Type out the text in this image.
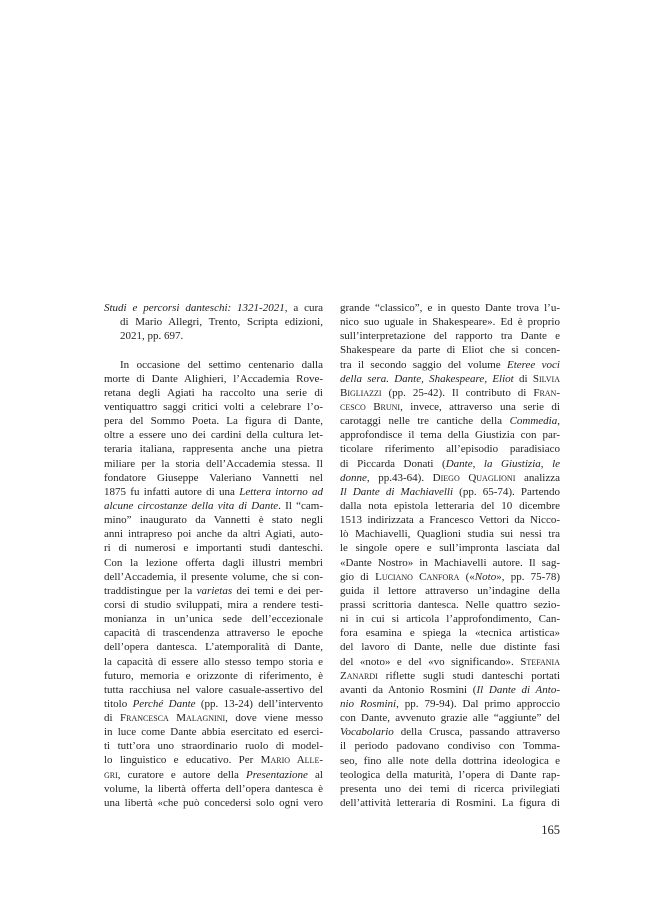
Studi e percorsi danteschi: 1321-2021, a cura
di Mario Allegri, Trento, Scripta edizioni,
2021, pp. 697.
In occasione del settimo centenario dalla
morte di Dante Alighieri, l’Accademia Rove-
retana degli Agiati ha raccolto una serie di
ventiquattro saggi critici volti a celebrare l’o-
pera del Sommo Poeta. La figura di Dante,
oltre a essere uno dei cardini della cultura let-
teraria italiana, rappresenta anche una pietra
miliare per la storia dell’Accademia stessa. Il
fondatore Giuseppe Valeriano Vannetti nel
1875 fu infatti autore di una Lettera intorno ad
alcune circostanze della vita di Dante. Il “cam-
mino” inaugurato da Vannetti è stato negli
anni intrapreso poi anche da altri Agiati, auto-
ri di numerosi e importanti studi danteschi.
Con la lezione offerta dagli illustri membri
dell’Accademia, il presente volume, che si con-
traddistingue per la varietas dei temi e dei per-
corsi di studio sviluppati, mira a rendere testi-
monianza in un’unica sede dell’eccezionale
capacità di trascendenza attraverso le epoche
dell’opera dantesca. L’atemporalità di Dante,
la capacità di essere allo stesso tempo storia e
futuro, memoria e orizzonte di riferimento, è
tutta racchiusa nel valore casuale-assertivo del
titolo Perché Dante (pp. 13-24) dell’intervento
di Francesca Malagnini, dove viene messo
in luce come Dante abbia esercitato ed eserci-
ti tutt’ora uno straordinario ruolo di model-
lo linguistico e educativo. Per Mario Alle-
gri, curatore e autore della Presentazione al
volume, la libertà offerta dell’opera dantesca è
una libertà «che può concedersi solo ogni vero
grande “classico”, e in questo Dante trova l’u-
nico suo uguale in Shakespeare». Ed è proprio
sull’interpretazione del rapporto tra Dante e
Shakespeare da parte di Eliot che si concen-
tra il secondo saggio del volume Eteree voci
della sera. Dante, Shakespeare, Eliot di Silvia
Bigliazzi (pp. 25-42). Il contributo di Fran-
cesco Bruni, invece, attraverso una serie di
carotaggi nelle tre cantiche della Commedia,
approfondisce il tema della Giustizia con par-
ticolare riferimento all’episodio paradisiaco
di Piccarda Donati (Dante, la Giustizia, le
donne, pp.43-64). Diego Quaglioni analizza
Il Dante di Machiavelli (pp. 65-74). Partendo
dalla nota epistola letteraria del 10 dicembre
1513 indirizzata a Francesco Vettori da Nicco-
lò Machiavelli, Quaglioni studia sui nessi tra
le singole opere e sull’impronta lasciata dal
«Dante Nostro» in Machiavelli autore. Il sag-
gio di Luciano Canfora («Noto», pp. 75-78)
guida il lettore attraverso un’indagine della
prassi scrittoria dantesca. Nelle quattro sezio-
ni in cui si articola l’approfondimento, Can-
fora esamina e spiega la «tecnica artistica»
del lavoro di Dante, nelle due distinte fasi
del «noto» e del «vo significando». Stefania
Zanardi riflette sugli studi danteschi portati
avanti da Antonio Rosmini (Il Dante di Anto-
nio Rosmini, pp. 79-94). Dal primo approccio
con Dante, avvenuto grazie alle “aggiunte” del
Vocabolario della Crusca, passando attraverso
il periodo padovano condiviso con Tomma-
seo, fino alle note della dottrina ideologica e
teologica della maturità, l’opera di Dante rap-
presenta uno dei temi di ricerca privilegiati
dell’attività letteraria di Rosmini. La figura di
165
